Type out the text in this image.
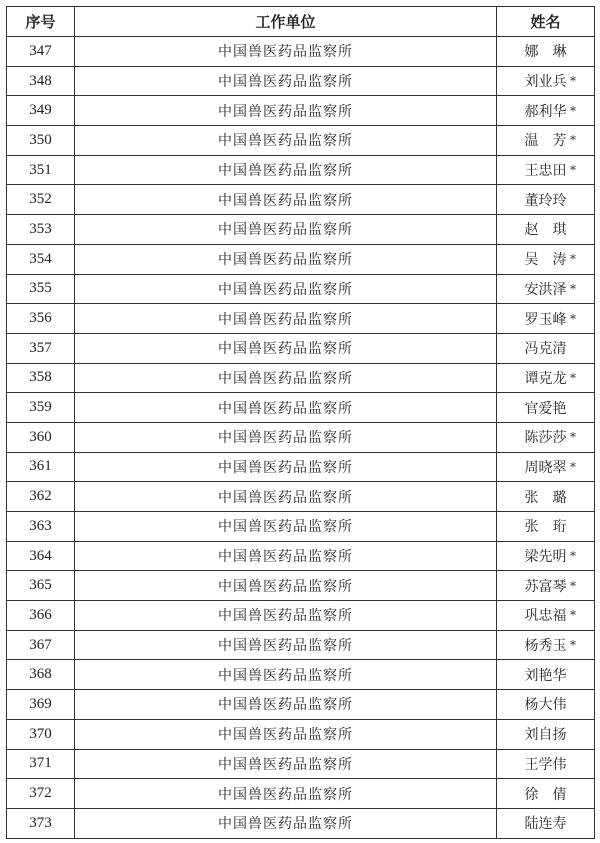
序号	工作单位	姓名
347	中国兽医药品监察所	娜　琳
348	中国兽医药品监察所	刘业兵 *

349	中国兽医药品监察所	郝利华 *

350	中国兽医药品监察所	温　芳 *

351	中国兽医药品监察所	王忠田 *

352	中国兽医药品监察所	董玲玲
353	中国兽医药品监察所	赵　琪
354	中国兽医药品监察所	吴　涛 *

355	中国兽医药品监察所	安洪泽 *

356	中国兽医药品监察所	罗玉峰 *

357	中国兽医药品监察所	冯克清
358	中国兽医药品监察所	谭克龙 *

359	中国兽医药品监察所	官爱艳
360	中国兽医药品监察所	陈莎莎 *

361	中国兽医药品监察所	周晓翠 *

362	中国兽医药品监察所	张　璐
363	中国兽医药品监察所	张　珩
364	中国兽医药品监察所	梁先明 *

365	中国兽医药品监察所	苏富琴 *

366	中国兽医药品监察所	巩忠福 *

367	中国兽医药品监察所	杨秀玉 *

368	中国兽医药品监察所	刘艳华
369	中国兽医药品监察所	杨大伟
370	中国兽医药品监察所	刘自扬
371	中国兽医药品监察所	王学伟
372	中国兽医药品监察所	徐　倩
373	中国兽医药品监察所	陆连寿
